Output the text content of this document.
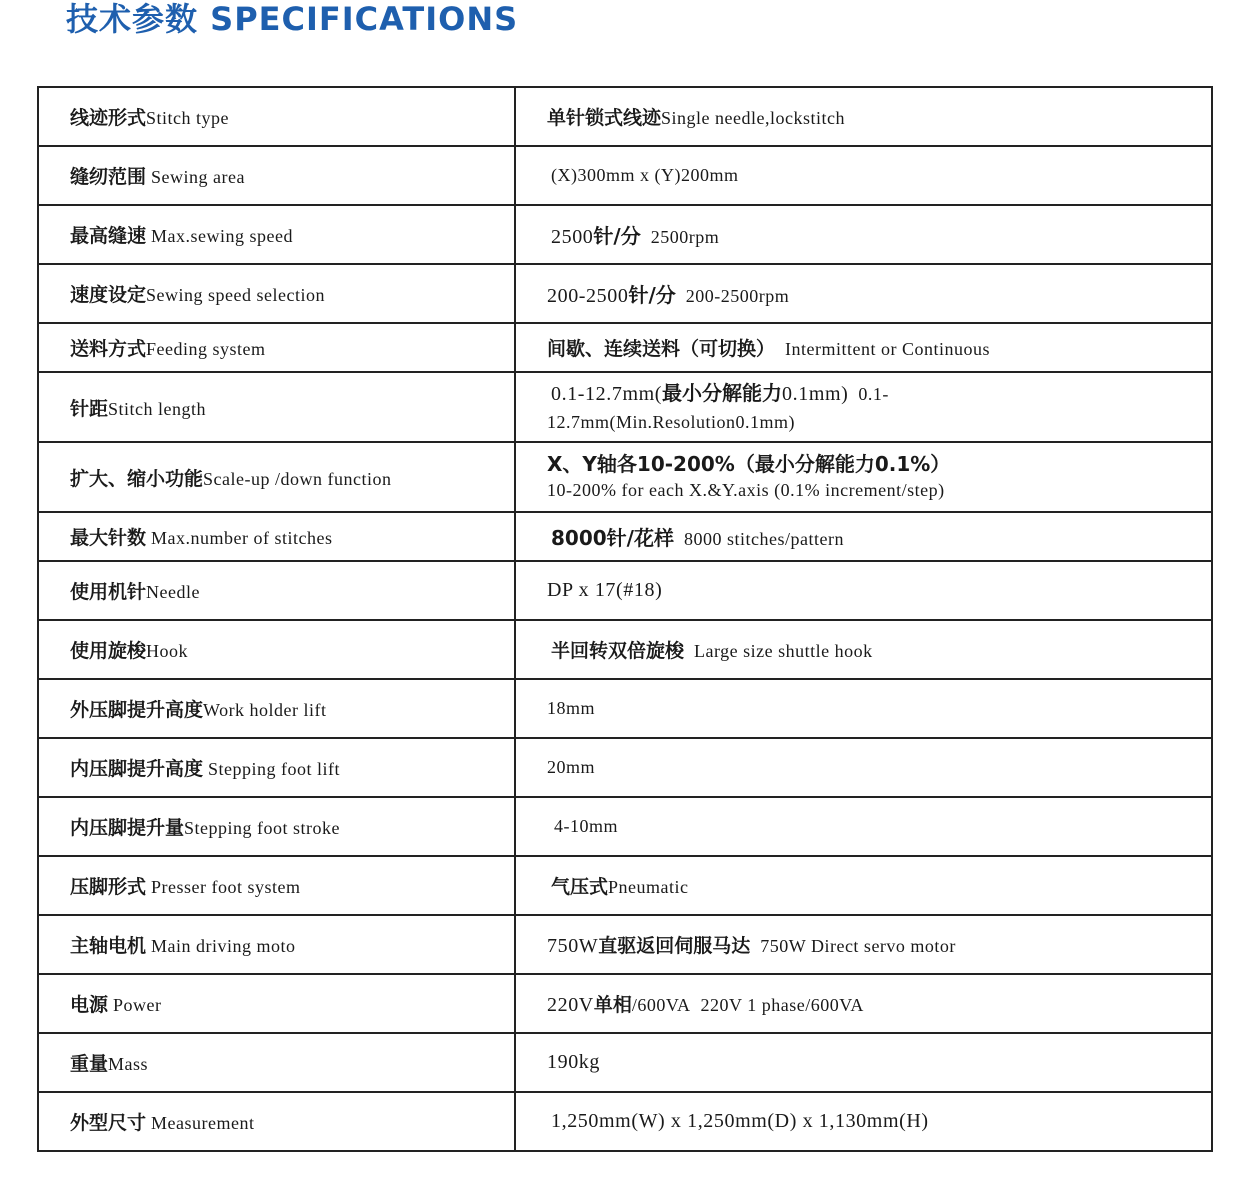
技术参数 SPECIFICATIONS
线迹形式Stitch type	单针锁式线迹Single needle,lockstitch
缝纫范围 Sewing area	(X)300mm x (Y)200mm
最高缝速 Max.sewing speed	2500针/分 2500rpm
速度设定Sewing speed selection	200-2500针/分 200-2500rpm
送料方式Feeding system	间歇、连续送料（可切换） Intermittent or Continuous
针距Stitch length	0.1-12.7mm(最小分解能力0.1mm) 0.1-
12.7mm(Min.Resolution0.1mm)

扩大、缩小功能Scale-up /down function	X、Y轴各10-200%（最小分解能力0.1%）
10-200% for each X.&Y.axis (0.1% increment/step)

最大针数 Max.number of stitches	8000针/花样 8000 stitches/pattern
使用机针Needle	DP x 17(#18)
使用旋梭Hook	半回转双倍旋梭 Large size shuttle hook
外压脚提升高度Work holder lift	18mm
内压脚提升高度 Stepping foot lift	20mm
内压脚提升量Stepping foot stroke	4-10mm
压脚形式 Presser foot system	气压式Pneumatic
主轴电机 Main driving moto	750W直驱返回伺服马达 750W Direct servo motor
电源 Power	220V单相/600VA 220V 1 phase/600VA
重量Mass	190kg
外型尺寸 Measurement	1,250mm(W) x 1,250mm(D) x 1,130mm(H)
